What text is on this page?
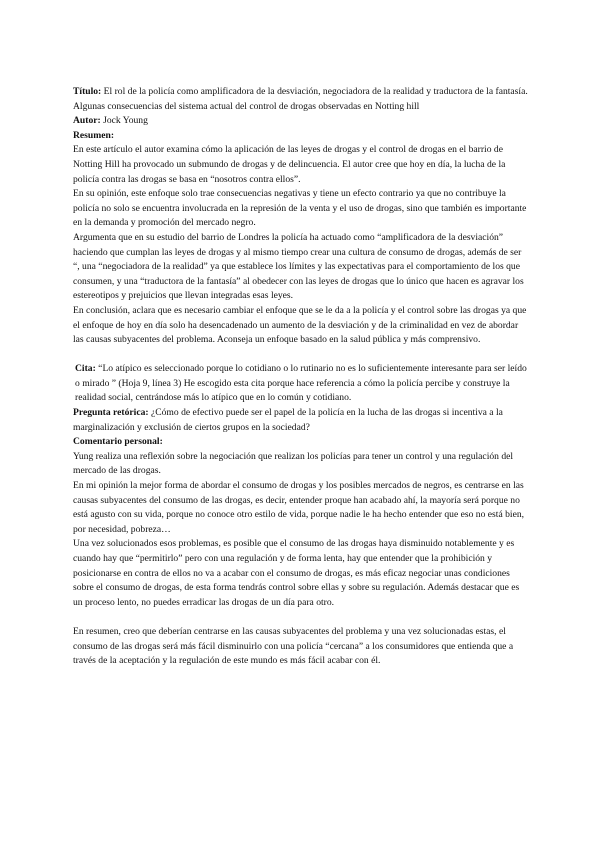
Título: El rol de la policía como amplificadora de la desviación, negociadora de la realidad y traductora de la fantasía. Algunas consecuencias del sistema actual del control de drogas observadas en Notting hill

Autor: Jock Young

Resumen:

En este artículo el autor examina cómo la aplicación de las leyes de drogas y el control de drogas en el barrio de Notting Hill ha provocado un submundo de drogas y de delincuencia. El autor cree que hoy en día, la lucha de la policía contra las drogas se basa en “nosotros contra ellos”.

En su opinión, este enfoque solo trae consecuencias negativas y tiene un efecto contrario ya que no contribuye la policía no solo se encuentra involucrada en la represión de la venta y el uso de drogas, sino que también es importante en la demanda y promoción del mercado negro.

Argumenta que en su estudio del barrio de Londres la policía ha actuado como “amplificadora de la desviación” haciendo que cumplan las leyes de drogas y al mismo tiempo crear una cultura de consumo de drogas, además de ser “, una “negociadora de la realidad” ya que establece los límites y las expectativas para el comportamiento de los que consumen, y una “traductora de la fantasía” al obedecer con las leyes de drogas que lo único que hacen es agravar los estereotipos y prejuicios que llevan integradas esas leyes.

En conclusión, aclara que es necesario cambiar el enfoque que se le da a la policía y el control sobre las drogas ya que el enfoque de hoy en día solo ha desencadenado un aumento de la desviación y de la criminalidad en vez de abordar las causas subyacentes del problema. Aconseja un enfoque basado en la salud pública y más comprensivo.

Cita: “Lo atípico es seleccionado porque lo cotidiano o lo rutinario no es lo suficientemente interesante para ser leído o mirado ” (Hoja 9, línea 3) He escogido esta cita porque hace referencia a cómo la policía percibe y construye la realidad social, centrándose más lo atípico que en lo común y cotidiano.

Pregunta retórica: ¿Cómo de efectivo puede ser el papel de la policía en la lucha de las drogas si incentiva a la marginalización y exclusión de ciertos grupos en la sociedad?

Comentario personal:

Yung realiza una reflexión sobre la negociación que realizan los policías para tener un control y una regulación del mercado de las drogas.

En mi opinión la mejor forma de abordar el consumo de drogas y los posibles mercados de negros, es centrarse en las causas subyacentes del consumo de las drogas, es decir, entender proque han acabado ahí, la mayoría será porque no está agusto con su vida, porque no conoce otro estilo de vida, porque nadie le ha hecho entender que eso no está bien, por necesidad, pobreza…

Una vez solucionados esos problemas, es posible que el consumo de las drogas haya disminuido notablemente y es cuando hay que “permitirlo” pero con una regulación y de forma lenta, hay que entender que la prohibición y posicionarse en contra de ellos no va a acabar con el consumo de drogas, es más eficaz negociar unas condiciones sobre el consumo de drogas, de esta forma tendrás control sobre ellas y sobre su regulación. Además destacar que es un proceso lento, no puedes erradicar las drogas de un día para otro.

En resumen, creo que deberían centrarse en las causas subyacentes del problema y una vez solucionadas estas, el consumo de las drogas será más fácil disminuirlo con una policía “cercana” a los consumidores que entienda que a través de la aceptación y la regulación de este mundo es más fácil acabar con él.
